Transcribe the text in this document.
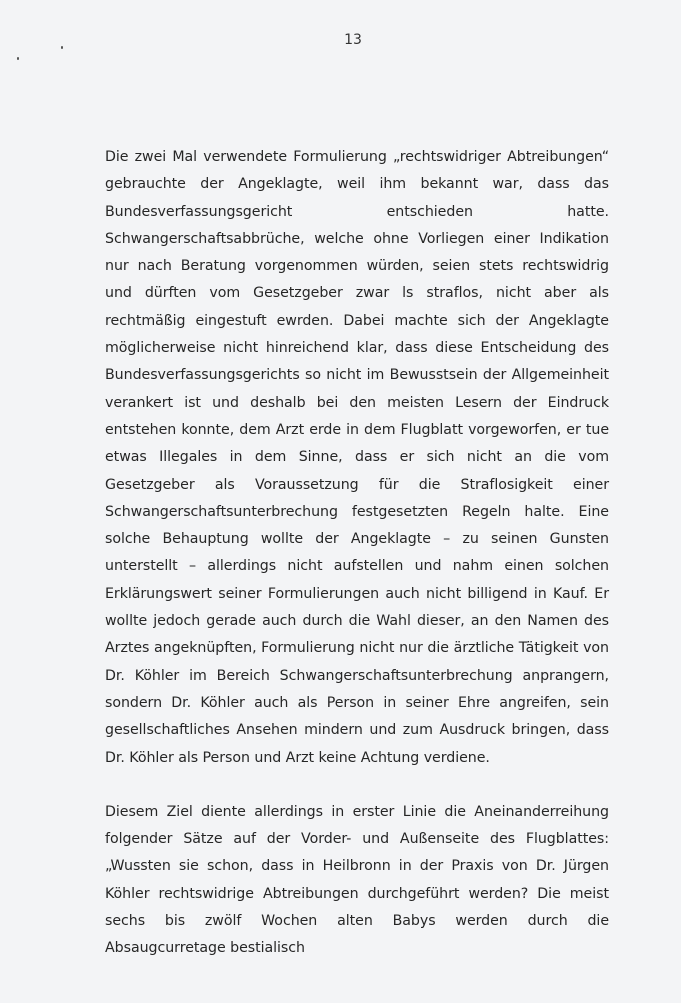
13

Die zwei Mal verwendete Formulierung „rechtswidriger Abtreibungen“ gebrauchte der Angeklagte, weil ihm bekannt war, dass das Bundesverfassungsgericht entschieden hatte. Schwangerschaftsabbrüche, welche ohne Vorliegen einer Indikation nur nach Beratung vorgenommen würden, seien stets rechtswidrig und dürften vom Gesetzgeber zwar ls straflos, nicht aber als rechtmäßig eingestuft ewrden. Dabei machte sich der Angeklagte möglicherweise nicht hinreichend klar, dass diese Entscheidung des Bundesverfassungsgerichts so nicht im Bewusstsein der Allgemeinheit verankert ist und deshalb bei den meisten Lesern der Eindruck entstehen konnte, dem Arzt erde in dem Flugblatt vorgeworfen, er tue etwas Illegales in dem Sinne, dass er sich nicht an die vom Gesetzgeber als Voraussetzung für die Straflosigkeit einer Schwangerschaftsunterbrechung festgesetzten Regeln halte. Eine solche Behauptung wollte der Angeklagte – zu seinen Gunsten unterstellt – allerdings nicht aufstellen und nahm einen solchen Erklärungswert seiner Formulierungen auch nicht billigend in Kauf. Er wollte jedoch gerade auch durch die Wahl dieser, an den Namen des Arztes angeknüpften, Formulierung nicht nur die ärztliche Tätigkeit von Dr. Köhler im Bereich Schwangerschaftsunterbrechung anprangern, sondern Dr. Köhler auch als Person in seiner Ehre angreifen, sein gesellschaftliches Ansehen mindern und zum Ausdruck bringen, dass Dr. Köhler als Person und Arzt keine Achtung verdiene.

Diesem Ziel diente allerdings in erster Linie die Aneinanderreihung folgender Sätze auf der Vorder- und Außenseite des Flugblattes: „Wussten sie schon, dass in Heilbronn in der Praxis von Dr. Jürgen Köhler rechtswidrige Abtreibungen durchgeführt werden? Die meist sechs bis zwölf Wochen alten Babys werden durch die Absaugcurretage bestialisch
